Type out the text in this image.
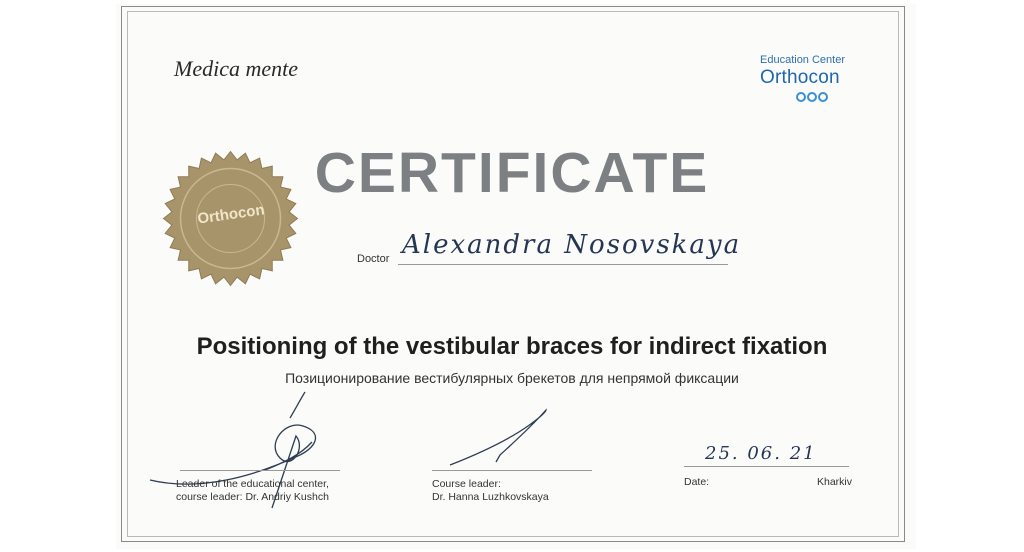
Medica mente	Education Center
Orthocon
Orthocon
CERTIFICATE
Doctor Alexandra Nosovskaya
Positioning of the vestibular braces for indirect fixation
Позиционирование вестибулярных брекетов для непрямой фиксации
Leader of the educational center,
course leader: Dr. Andriy Kushch
Course leader:
Dr. Hanna Luzhkovskaya
25. 06. 21
Date:	Kharkiv
